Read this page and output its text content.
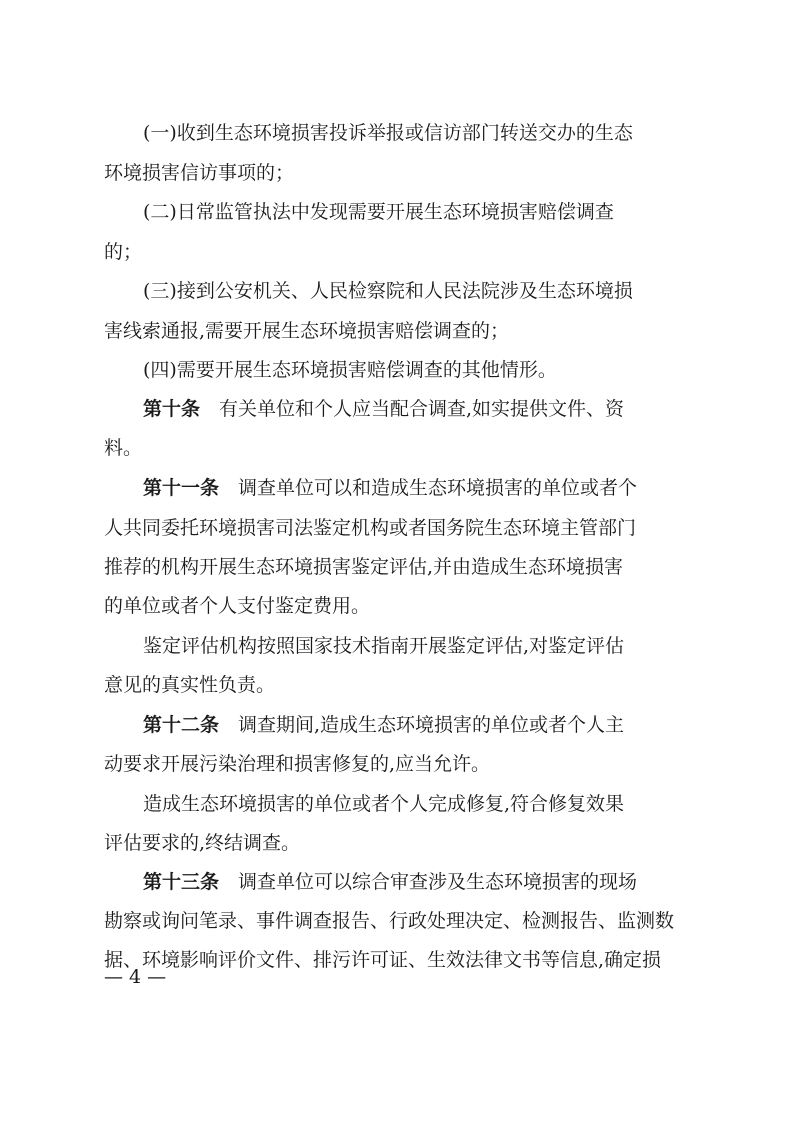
(一)收到生态环境损害投诉举报或信访部门转送交办的生态
环境损害信访事项的；
(二)日常监管执法中发现需要开展生态环境损害赔偿调查
的；
(三)接到公安机关、人民检察院和人民法院涉及生态环境损
害线索通报,需要开展生态环境损害赔偿调查的；
(四)需要开展生态环境损害赔偿调查的其他情形。
第十条 有关单位和个人应当配合调查,如实提供文件、资
料。
第十一条 调查单位可以和造成生态环境损害的单位或者个
人共同委托环境损害司法鉴定机构或者国务院生态环境主管部门
推荐的机构开展生态环境损害鉴定评估,并由造成生态环境损害
的单位或者个人支付鉴定费用。
鉴定评估机构按照国家技术指南开展鉴定评估,对鉴定评估
意见的真实性负责。
第十二条 调查期间,造成生态环境损害的单位或者个人主
动要求开展污染治理和损害修复的,应当允许。
造成生态环境损害的单位或者个人完成修复,符合修复效果
评估要求的,终结调查。
第十三条 调查单位可以综合审查涉及生态环境损害的现场
勘察或询问笔录、事件调查报告、行政处理决定、检测报告、监测数
据、环境影响评价文件、排污许可证、生效法律文书等信息,确定损
— 4 —
